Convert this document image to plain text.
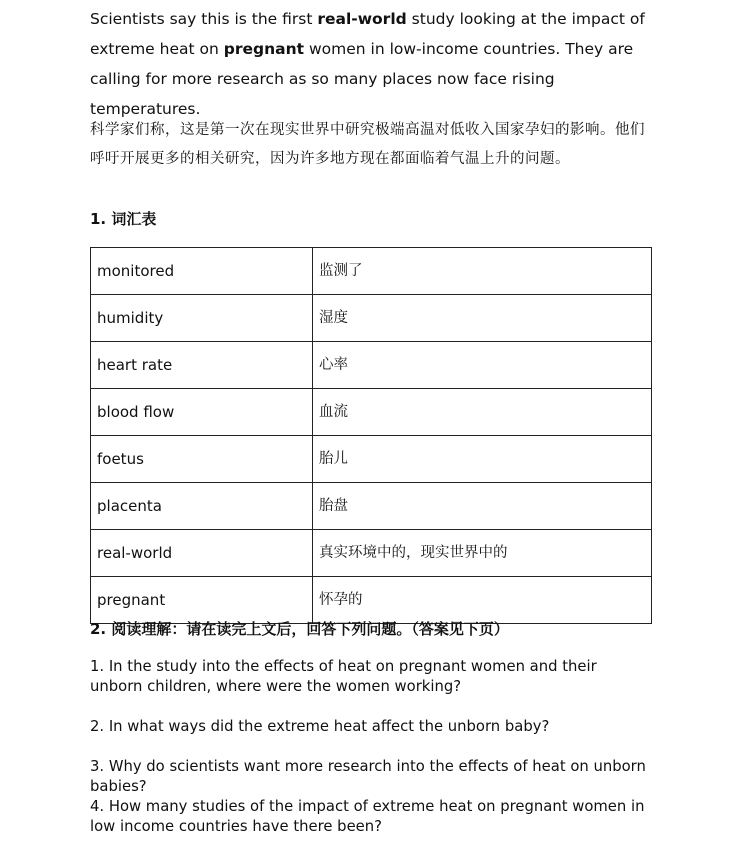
Scientists say this is the first real-world study looking at the impact of extreme heat on pregnant women in low-income countries. They are calling for more research as so many places now face rising temperatures.
科学家们称，这是第一次在现实世界中研究极端高温对低收入国家孕妇的影响。他们呼吁开展更多的相关研究，因为许多地方现在都面临着气温上升的问题。
1. 词汇表
monitored	监测了
humidity	湿度
heart rate	心率
blood flow	血流
foetus	胎儿
placenta	胎盘
real-world	真实环境中的，现实世界中的
pregnant	怀孕的
2. 阅读理解：请在读完上文后，回答下列问题。（答案见下页）
1. In the study into the effects of heat on pregnant women and their unborn children, where were the women working?
2. In what ways did the extreme heat affect the unborn baby?
3. Why do scientists want more research into the effects of heat on unborn babies?
4. How many studies of the impact of extreme heat on pregnant women in low income countries have there been?
